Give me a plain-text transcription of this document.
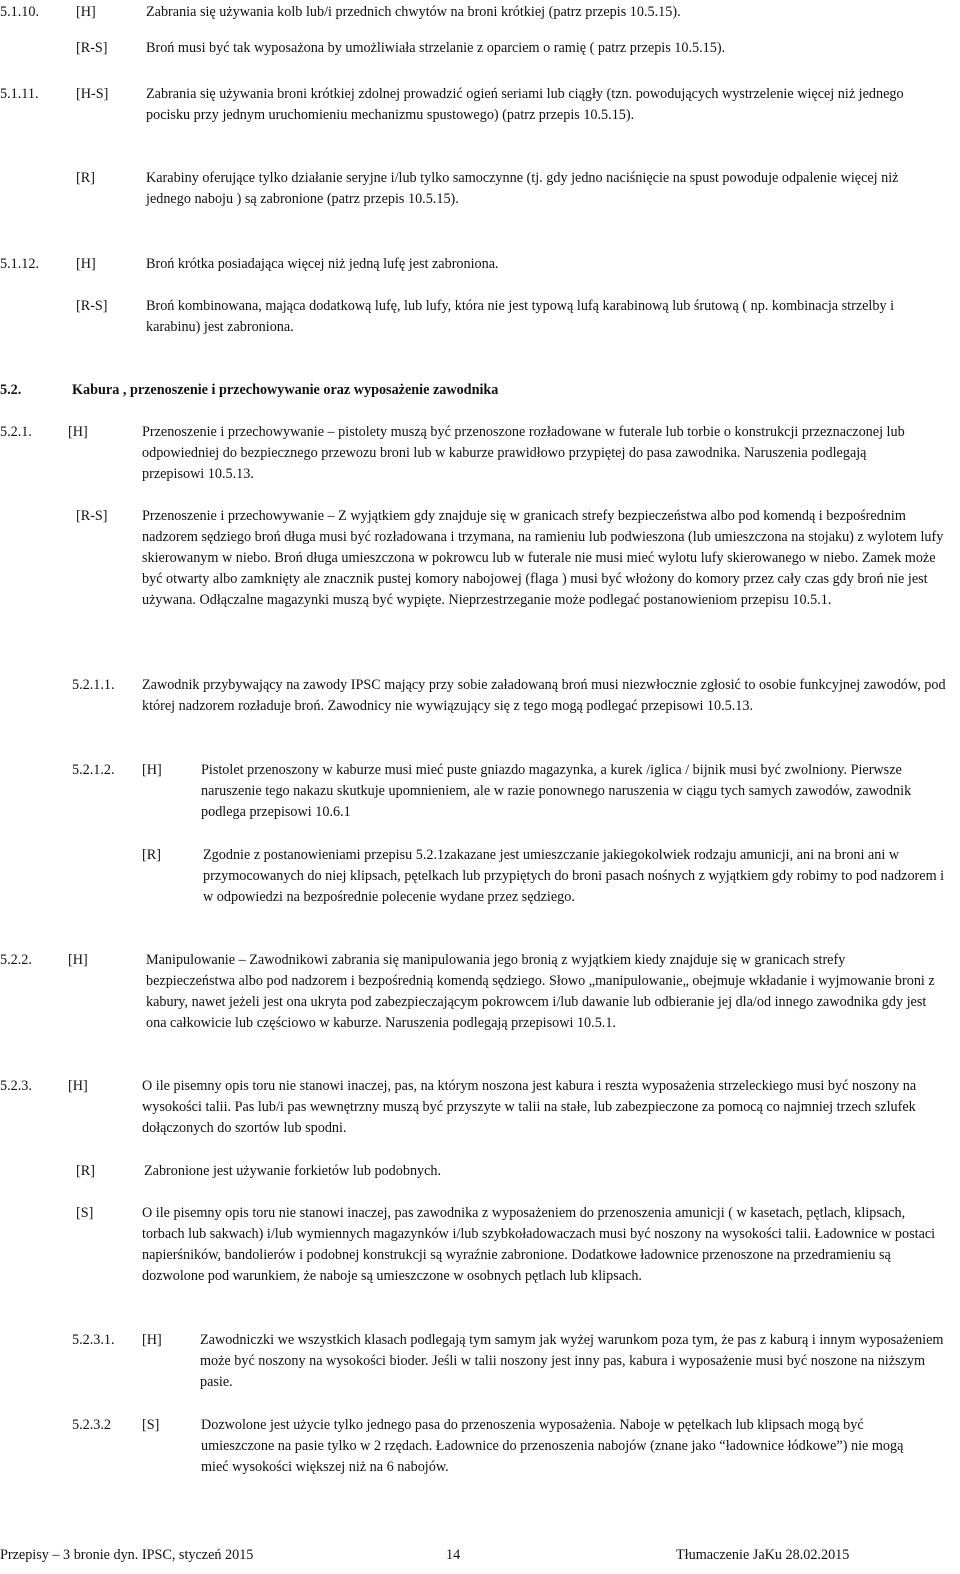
5.1.10.	[H]	Zabrania się używania kolb lub/i przednich chwytów na broni krótkiej (patrz przepis 10.5.15).
[R-S]	Broń musi być tak wyposażona by umożliwiała strzelanie z oparciem o ramię ( patrz przepis 10.5.15).
5.1.11.	[H-S]	Zabrania się używania broni krótkiej zdolnej prowadzić ogień seriami lub ciągły (tzn. powodujących wystrzelenie więcej niż jednego pocisku przy jednym uruchomieniu mechanizmu spustowego) (patrz przepis 10.5.15).
[R]	Karabiny oferujące tylko działanie seryjne i/lub tylko samoczynne (tj. gdy jedno naciśnięcie na spust powoduje odpalenie więcej niż jednego naboju ) są zabronione (patrz przepis 10.5.15).
5.1.12.	[H]	Broń krótka posiadająca więcej niż jedną lufę jest zabroniona.
[R-S]	Broń kombinowana, mająca dodatkową lufę, lub lufy, która nie jest typową lufą karabinową lub śrutową ( np. kombinacja strzelby i karabinu) jest zabroniona.
5.2.	Kabura , przenoszenie i przechowywanie oraz wyposażenie zawodnika
5.2.1.	[H]	Przenoszenie i przechowywanie – pistolety muszą być przenoszone rozładowane w futerale lub torbie o konstrukcji przeznaczonej lub odpowiedniej do bezpiecznego przewozu broni lub w kaburze prawidłowo przypiętej do pasa zawodnika. Naruszenia podlegają przepisowi 10.5.13.
[R-S] Przenoszenie i przechowywanie – Z wyjątkiem gdy znajduje się w granicach strefy bezpieczeństwa albo pod komendą i bezpośrednim nadzorem sędziego broń długa musi być rozładowana i trzymana, na ramieniu lub podwieszona (lub umieszczona na stojaku) z wylotem lufy skierowanym w niebo. Broń długa umieszczona w pokrowcu lub w futerale nie musi mieć wylotu lufy skierowanego w niebo. Zamek może być otwarty albo zamknięty ale znacznik pustej komory nabojowej (flaga ) musi być włożony do komory przez cały czas gdy broń nie jest używana. Odłączalne magazynki muszą być wypięte. Nieprzestrzeganie może podlegać postanowieniom przepisu 10.5.1.
5.2.1.1. Zawodnik przybywający na zawody IPSC mający przy sobie załadowaną broń musi niezwłocznie zgłosić to osobie funkcyjnej zawodów, pod której nadzorem rozładuje broń. Zawodnicy nie wywiązujący się z tego mogą podlegać przepisowi 10.5.13.
5.2.1.2. [H]	Pistolet przenoszony w kaburze musi mieć puste gniazdo magazynka, a kurek /iglica / bijnik musi być zwolniony. Pierwsze naruszenie tego nakazu skutkuje upomnieniem, ale w razie ponownego naruszenia w ciągu tych samych zawodów, zawodnik podlega przepisowi 10.6.1
[R]	Zgodnie z postanowieniami przepisu 5.2.1zakazane jest umieszczanie jakiegokolwiek rodzaju amunicji, ani na broni ani w przymocowanych do niej klipsach, pętelkach lub przypiętych do broni pasach nośnych z wyjątkiem gdy robimy to pod nadzorem i w odpowiedzi na bezpośrednie polecenie wydane przez sędziego.
5.2.2.	[H]	Manipulowanie – Zawodnikowi zabrania się manipulowania jego bronią z wyjątkiem kiedy znajduje się w granicach strefy bezpieczeństwa albo pod nadzorem i bezpośrednią komendą sędziego. Słowo „manipulowanie„ obejmuje wkładanie i wyjmowanie broni z kabury, nawet jeżeli jest ona ukryta pod zabezpieczającym pokrowcem i/lub dawanie lub odbieranie jej dla/od innego zawodnika gdy jest ona całkowicie lub częściowo w kaburze. Naruszenia podlegają przepisowi 10.5.1.
5.2.3.	[H]	O ile pisemny opis toru nie stanowi inaczej, pas, na którym noszona jest kabura i reszta wyposażenia strzeleckiego musi być noszony na wysokości talii. Pas lub/i pas wewnętrzny muszą być przyszyte w talii na stałe, lub zabezpieczone za pomocą co najmniej trzech szlufek dołączonych do szortów lub spodni.
[R]	Zabronione jest używanie forkietów lub podobnych.
[S]	O ile pisemny opis toru nie stanowi inaczej, pas zawodnika z wyposażeniem do przenoszenia amunicji ( w kasetach, pętlach, klipsach, torbach lub sakwach) i/lub wymiennych magazynków i/lub szybkoładowaczach musi być noszony na wysokości talii. Ładownice w postaci napierśników, bandolierów i podobnej konstrukcji są wyraźnie zabronione. Dodatkowe ładownice przenoszone na przedramieniu są dozwolone pod warunkiem, że naboje są umieszczone w osobnych pętlach lub klipsach.
5.2.3.1. [H]	Zawodniczki we wszystkich klasach podlegają tym samym jak wyżej warunkom poza tym, że pas z kaburą i innym wyposażeniem może być noszony na wysokości bioder. Jeśli w talii noszony jest inny pas, kabura i wyposażenie musi być noszone na niższym pasie.
5.2.3.2 [S]	Dozwolone jest użycie tylko jednego pasa do przenoszenia wyposażenia. Naboje w pętelkach lub klipsach mogą być umieszczone na pasie tylko w 2 rzędach. Ładownice do przenoszenia nabojów (znane jako “ładownice łódkowe”) nie mogą mieć wysokości większej niż na 6 nabojów.
Przepisy – 3 bronie dyn. IPSC, styczeń 2015	14	Tłumaczenie JaKu 28.02.2015
